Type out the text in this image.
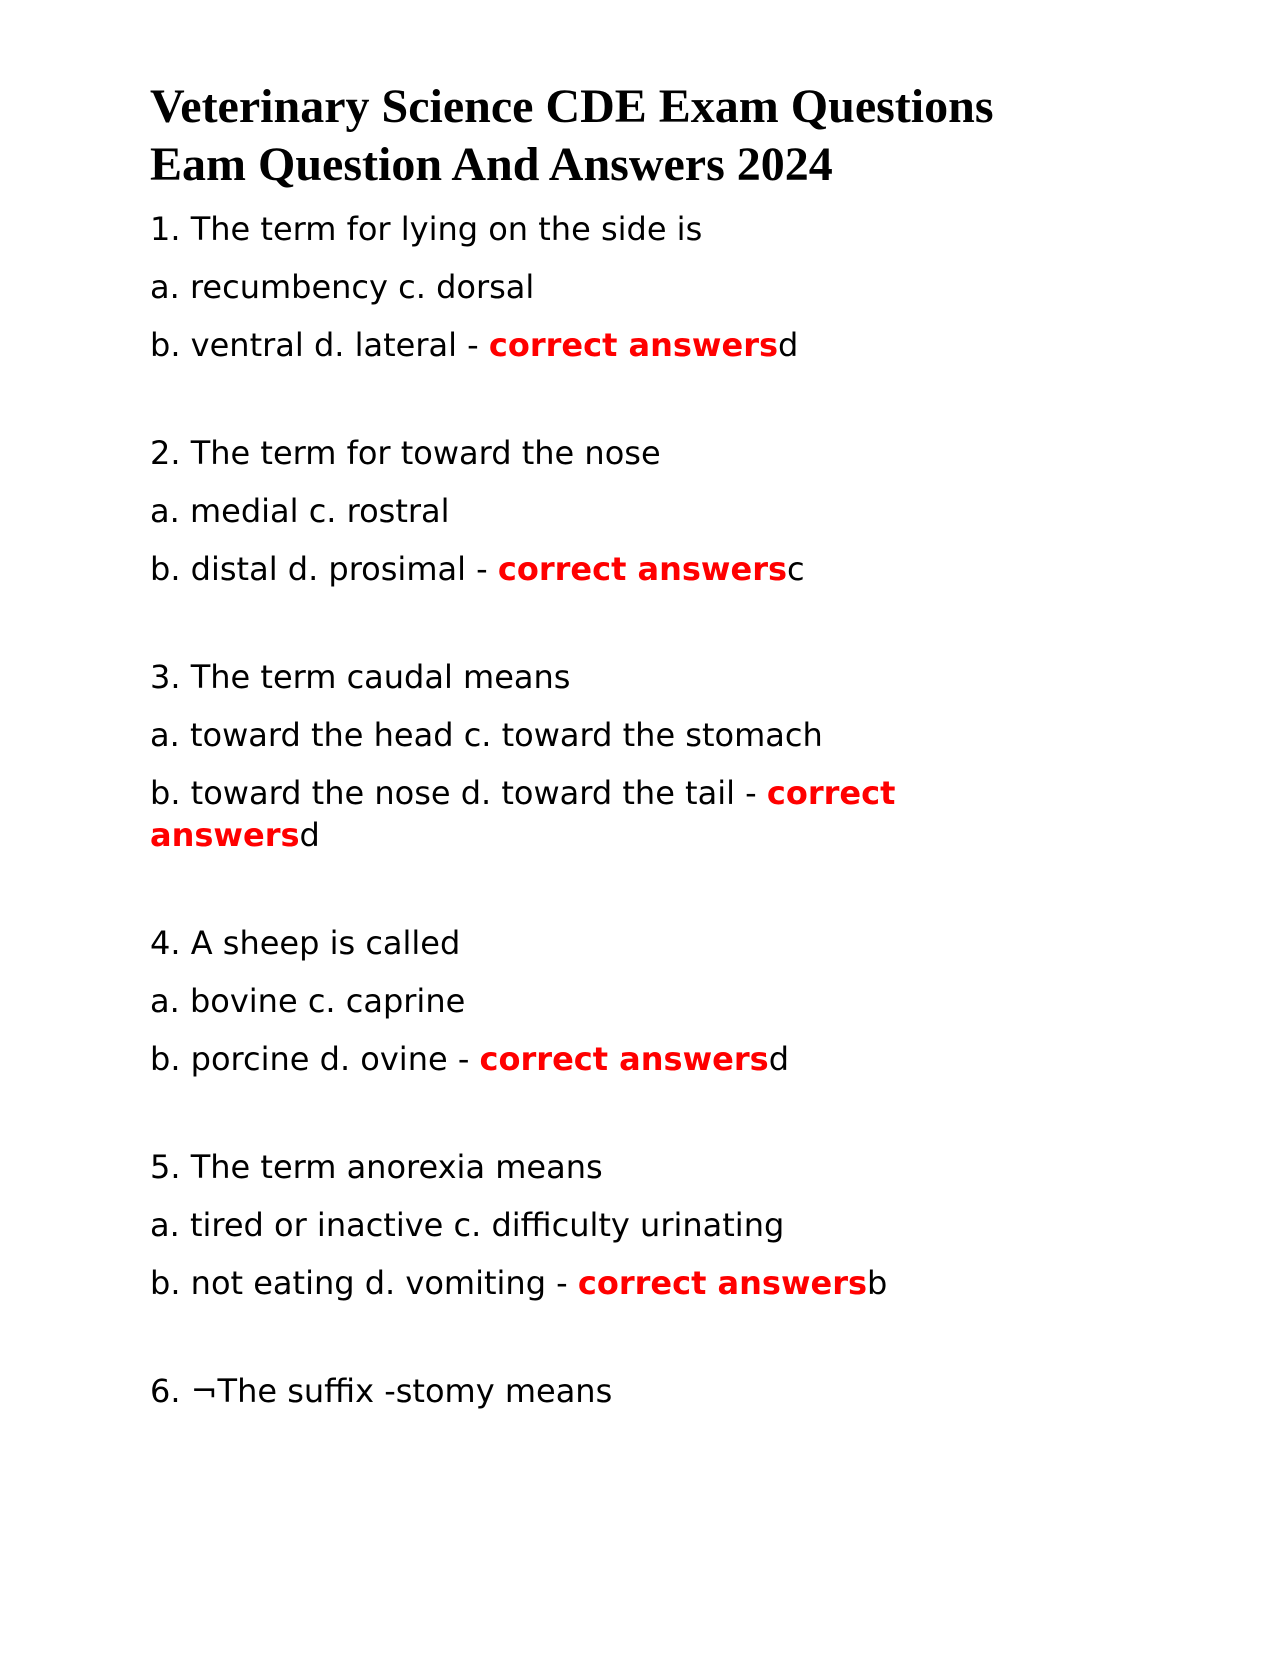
Veterinary Science CDE Exam Questions
Eam Question And Answers 2024
1. The term for lying on the side is
a. recumbency c. dorsal
b. ventral d. lateral - correct answersd
2. The term for toward the nose
a. medial c. rostral
b. distal d. prosimal - correct answersc
3. The term caudal means
a. toward the head c. toward the stomach
b. toward the nose d. toward the tail - correct answersd
4. A sheep is called
a. bovine c. caprine
b. porcine d. ovine - correct answersd
5. The term anorexia means
a. tired or inactive c. difficulty urinating
b. not eating d. vomiting - correct answersb
6. ¬The suffix -stomy means
